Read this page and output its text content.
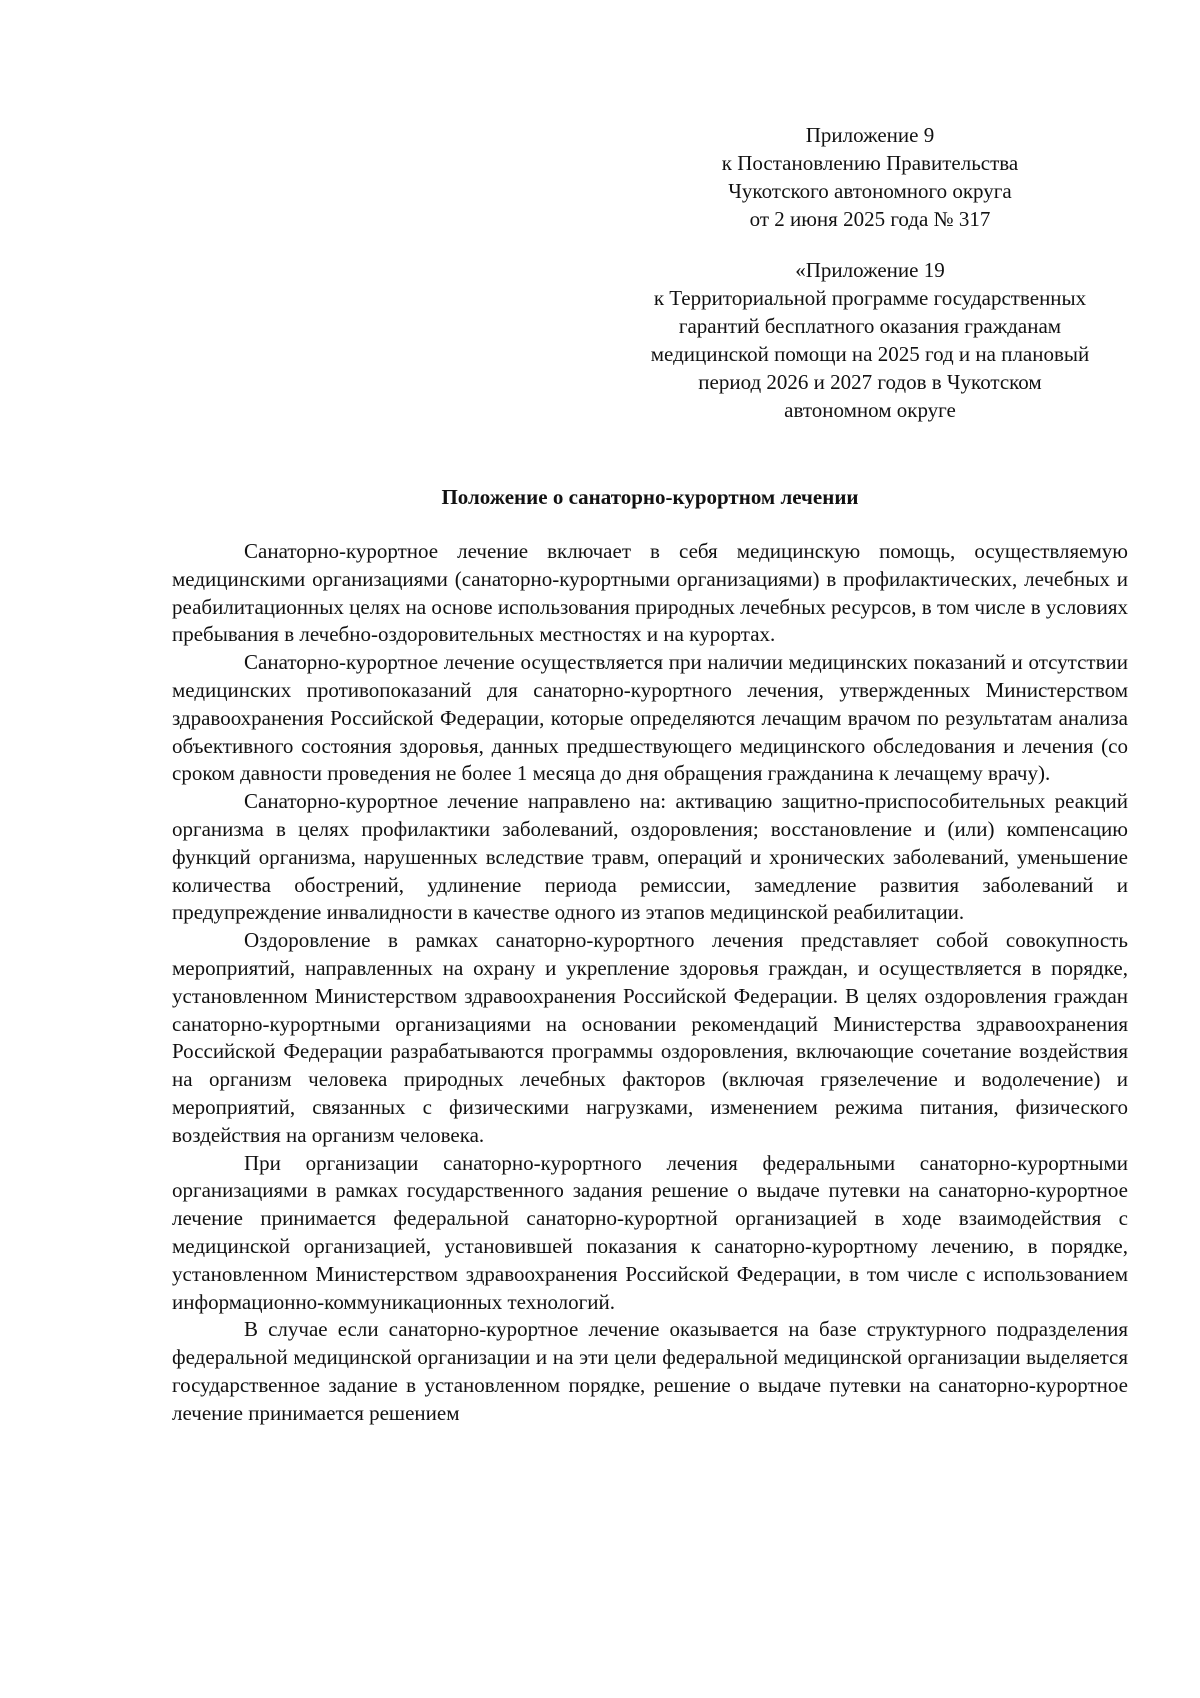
Приложение 9
к Постановлению Правительства
Чукотского автономного округа
от 2 июня 2025 года № 317
«Приложение 19
к Территориальной программе государственных
гарантий бесплатного оказания гражданам
медицинской помощи на 2025 год и на плановый
период 2026 и 2027 годов в Чукотском
автономном округе
Положение о санаторно-курортном лечении

Санаторно-курортное лечение включает в себя медицинскую помощь, осуществляемую медицинскими организациями (санаторно-курортными организациями) в профилактических, лечебных и реабилитационных целях на основе использования природных лечебных ресурсов, в том числе в условиях пребывания в лечебно-оздоровительных местностях и на курортах.

Санаторно-курортное лечение осуществляется при наличии медицинских показаний и отсутствии медицинских противопоказаний для санаторно-курортного лечения, утвержденных Министерством здравоохранения Российской Федерации, которые определяются лечащим врачом по результатам анализа объективного состояния здоровья, данных предшествующего медицинского обследования и лечения (со сроком давности проведения не более 1 месяца до дня обращения гражданина к лечащему врачу).

Санаторно-курортное лечение направлено на: активацию защитно-приспособительных реакций организма в целях профилактики заболеваний, оздоровления; восстановление и (или) компенсацию функций организма, нарушенных вследствие травм, операций и хронических заболеваний, уменьшение количества обострений, удлинение периода ремиссии, замедление развития заболеваний и предупреждение инвалидности в качестве одного из этапов медицинской реабилитации.

Оздоровление в рамках санаторно-курортного лечения представляет собой совокупность мероприятий, направленных на охрану и укрепление здоровья граждан, и осуществляется в порядке, установленном Министерством здравоохранения Российской Федерации. В целях оздоровления граждан санаторно-курортными организациями на основании рекомендаций Министерства здравоохранения Российской Федерации разрабатываются программы оздоровления, включающие сочетание воздействия на организм человека природных лечебных факторов (включая грязелечение и водолечение) и мероприятий, связанных с физическими нагрузками, изменением режима питания, физического воздействия на организм человека.

При организации санаторно-курортного лечения федеральными санаторно-курортными организациями в рамках государственного задания решение о выдаче путевки на санаторно-курортное лечение принимается федеральной санаторно-курортной организацией в ходе взаимодействия с медицинской организацией, установившей показания к санаторно-курортному лечению, в порядке, установленном Министерством здравоохранения Российской Федерации, в том числе с использованием информационно-коммуникационных технологий.

В случае если санаторно-курортное лечение оказывается на базе структурного подразделения федеральной медицинской организации и на эти цели федеральной медицинской организации выделяется государственное задание в установленном порядке, решение о выдаче путевки на санаторно-курортное лечение принимается решением
